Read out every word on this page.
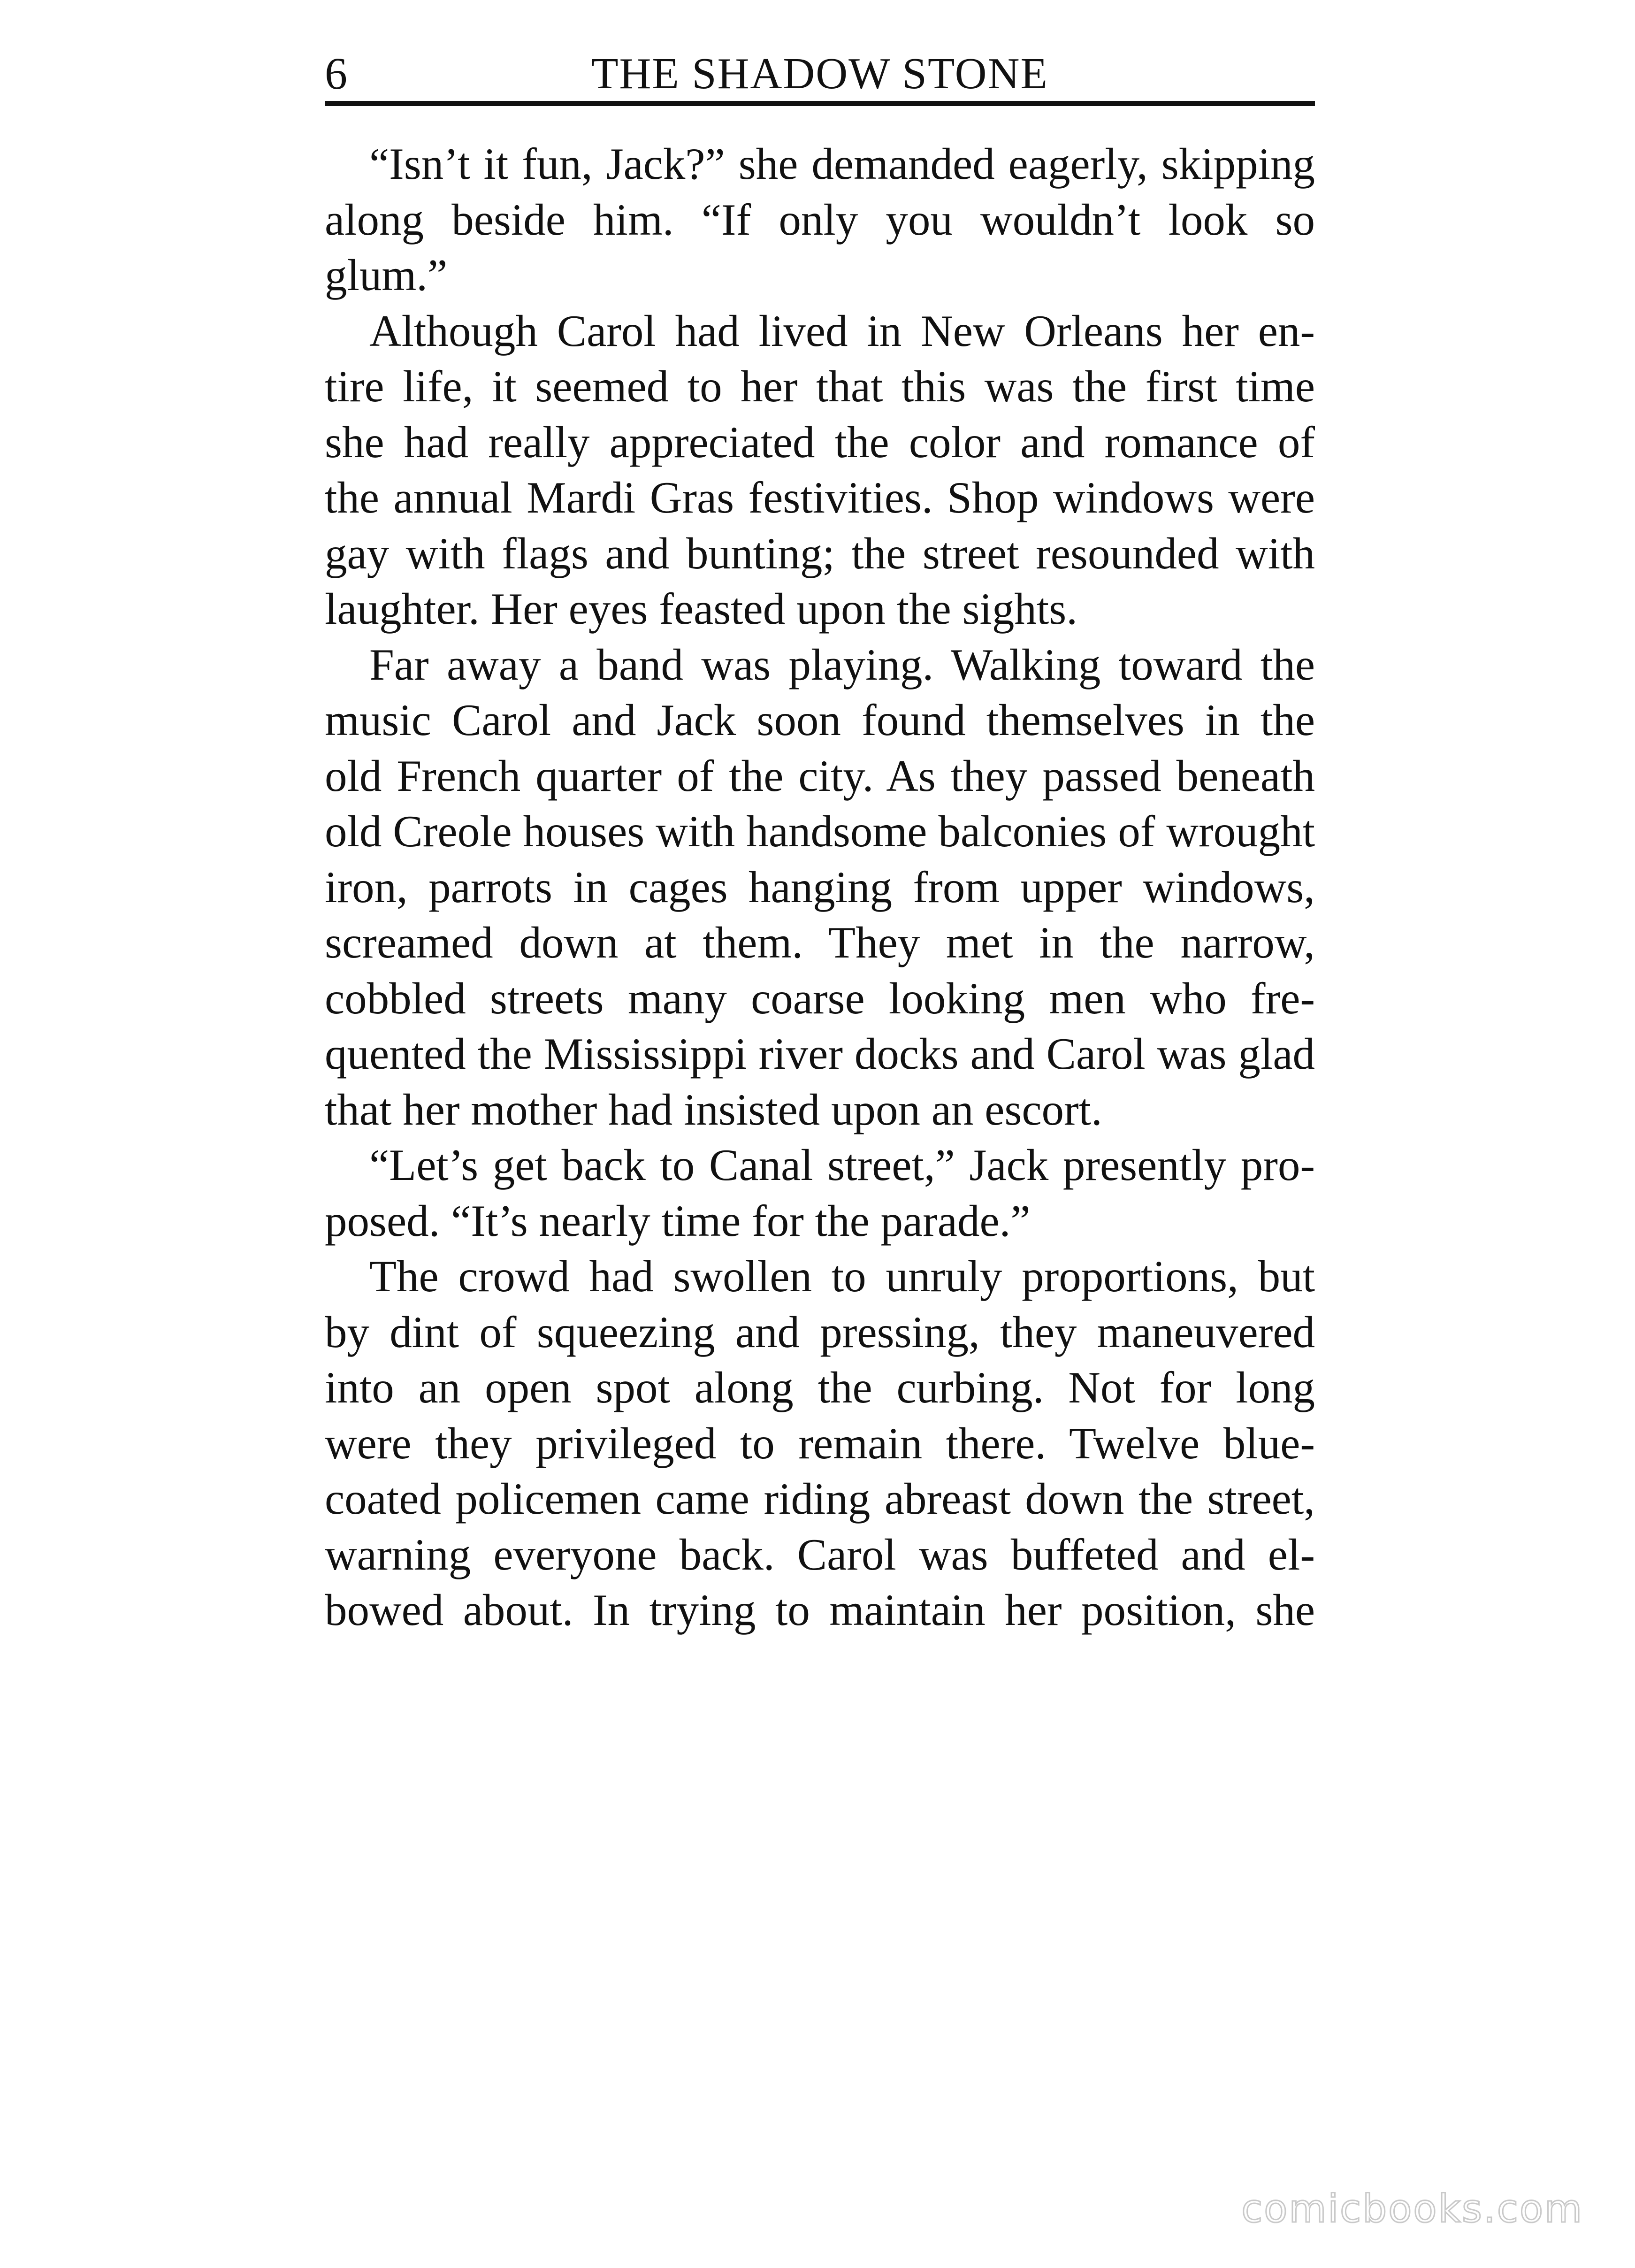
6	THE SHADOW STONE
“Isn’t it fun, Jack?” she demanded eagerly, skipping
along beside him. “If only you wouldn’t look so
glum.”
Although Carol had lived in New Orleans her en-
tire life, it seemed to her that this was the first time
she had really appreciated the color and romance of
the annual Mardi Gras festivities. Shop windows were
gay with flags and bunting; the street resounded with
laughter. Her eyes feasted upon the sights.
Far away a band was playing. Walking toward the
music Carol and Jack soon found themselves in the
old French quarter of the city. As they passed beneath
old Creole houses with handsome balconies of wrought
iron, parrots in cages hanging from upper windows,
screamed down at them. They met in the narrow,
cobbled streets many coarse looking men who fre-
quented the Mississippi river docks and Carol was glad
that her mother had insisted upon an escort.
“Let’s get back to Canal street,” Jack presently pro-
posed. “It’s nearly time for the parade.”
The crowd had swollen to unruly proportions, but
by dint of squeezing and pressing, they maneuvered
into an open spot along the curbing. Not for long
were they privileged to remain there. Twelve blue-
coated policemen came riding abreast down the street,
warning everyone back. Carol was buffeted and el-
bowed about. In trying to maintain her position, she
comicbooks.com
